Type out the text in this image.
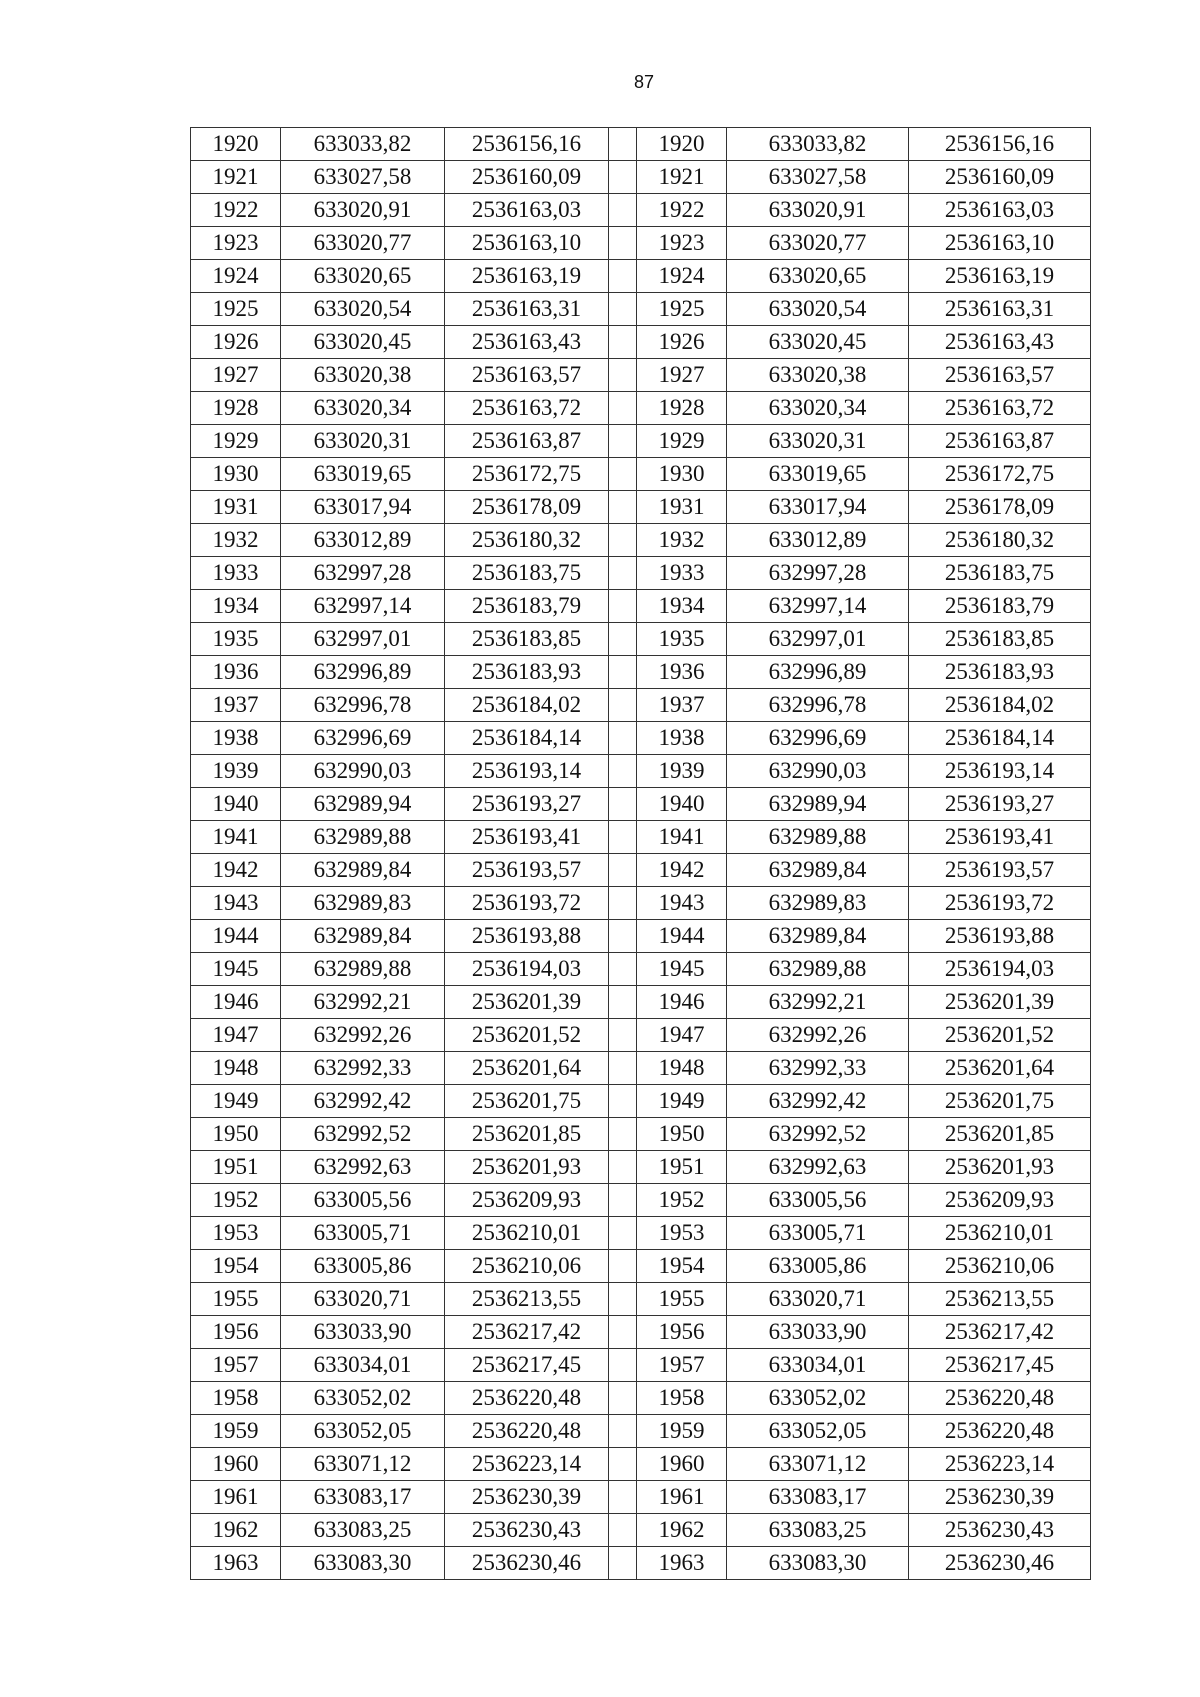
87
1920	633033,82	2536156,16		1920	633033,82	2536156,16
1921	633027,58	2536160,09		1921	633027,58	2536160,09
1922	633020,91	2536163,03		1922	633020,91	2536163,03
1923	633020,77	2536163,10		1923	633020,77	2536163,10
1924	633020,65	2536163,19		1924	633020,65	2536163,19
1925	633020,54	2536163,31		1925	633020,54	2536163,31
1926	633020,45	2536163,43		1926	633020,45	2536163,43
1927	633020,38	2536163,57		1927	633020,38	2536163,57
1928	633020,34	2536163,72		1928	633020,34	2536163,72
1929	633020,31	2536163,87		1929	633020,31	2536163,87
1930	633019,65	2536172,75		1930	633019,65	2536172,75
1931	633017,94	2536178,09		1931	633017,94	2536178,09
1932	633012,89	2536180,32		1932	633012,89	2536180,32
1933	632997,28	2536183,75		1933	632997,28	2536183,75
1934	632997,14	2536183,79		1934	632997,14	2536183,79
1935	632997,01	2536183,85		1935	632997,01	2536183,85
1936	632996,89	2536183,93		1936	632996,89	2536183,93
1937	632996,78	2536184,02		1937	632996,78	2536184,02
1938	632996,69	2536184,14		1938	632996,69	2536184,14
1939	632990,03	2536193,14		1939	632990,03	2536193,14
1940	632989,94	2536193,27		1940	632989,94	2536193,27
1941	632989,88	2536193,41		1941	632989,88	2536193,41
1942	632989,84	2536193,57		1942	632989,84	2536193,57
1943	632989,83	2536193,72		1943	632989,83	2536193,72
1944	632989,84	2536193,88		1944	632989,84	2536193,88
1945	632989,88	2536194,03		1945	632989,88	2536194,03
1946	632992,21	2536201,39		1946	632992,21	2536201,39
1947	632992,26	2536201,52		1947	632992,26	2536201,52
1948	632992,33	2536201,64		1948	632992,33	2536201,64
1949	632992,42	2536201,75		1949	632992,42	2536201,75
1950	632992,52	2536201,85		1950	632992,52	2536201,85
1951	632992,63	2536201,93		1951	632992,63	2536201,93
1952	633005,56	2536209,93		1952	633005,56	2536209,93
1953	633005,71	2536210,01		1953	633005,71	2536210,01
1954	633005,86	2536210,06		1954	633005,86	2536210,06
1955	633020,71	2536213,55		1955	633020,71	2536213,55
1956	633033,90	2536217,42		1956	633033,90	2536217,42
1957	633034,01	2536217,45		1957	633034,01	2536217,45
1958	633052,02	2536220,48		1958	633052,02	2536220,48
1959	633052,05	2536220,48		1959	633052,05	2536220,48
1960	633071,12	2536223,14		1960	633071,12	2536223,14
1961	633083,17	2536230,39		1961	633083,17	2536230,39
1962	633083,25	2536230,43		1962	633083,25	2536230,43
1963	633083,30	2536230,46		1963	633083,30	2536230,46
